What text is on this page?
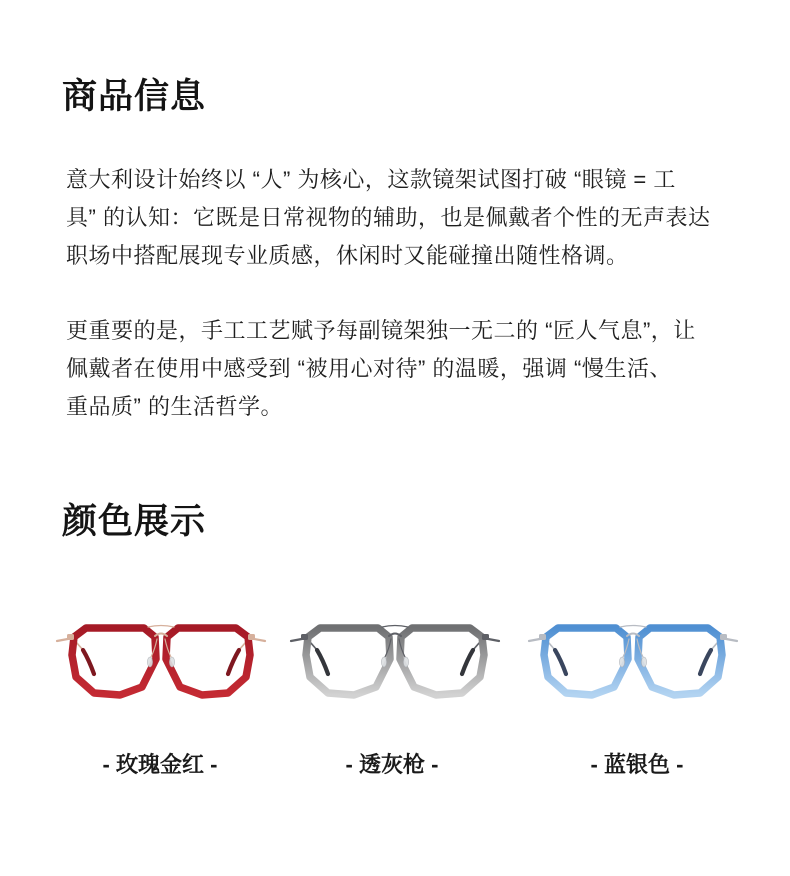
商品信息

意大利设计始终以 “人” 为核心，这款镜架试图打破 “眼镜 = 工
具” 的认知：它既是日常视物的辅助，也是佩戴者个性的无声表达
职场中搭配展现专业质感，休闲时又能碰撞出随性格调。

更重要的是，手工工艺赋予每副镜架独一无二的 “匠人气息”，让
佩戴者在使用中感受到 “被用心对待” 的温暖，强调 “慢生活、
重品质” 的生活哲学。

颜色展示
- 玫瑰金红 -	- 透灰枪 -	- 蓝银色 -
